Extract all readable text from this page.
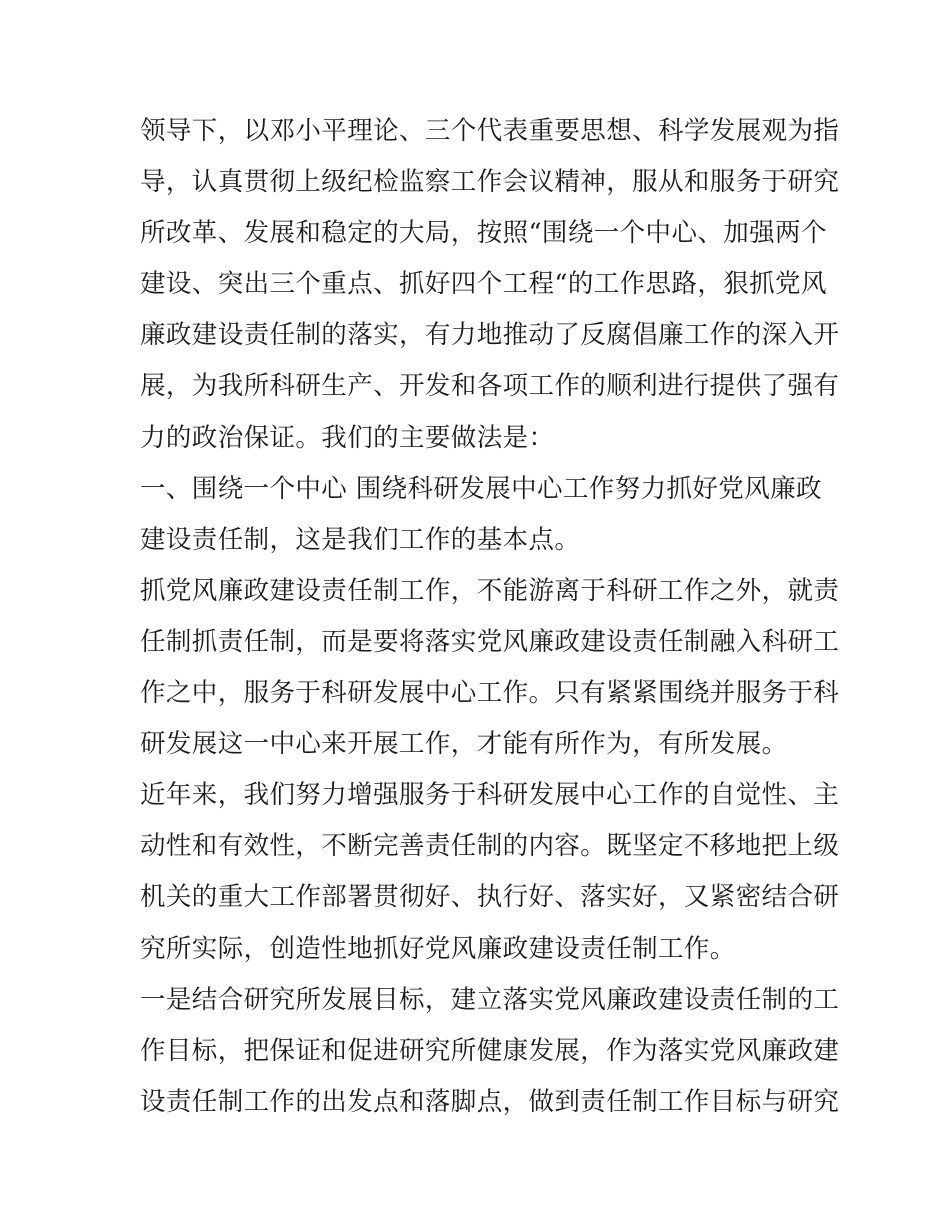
领导下，以邓小平理论、三个代表重要思想、科学发展观为指
导，认真贯彻上级纪检监察工作会议精神，服从和服务于研究
所改革、发展和稳定的大局，按照“围绕一个中心、加强两个
建设、突出三个重点、抓好四个工程“的工作思路，狠抓党风
廉政建设责任制的落实，有力地推动了反腐倡廉工作的深入开
展，为我所科研生产、开发和各项工作的顺利进行提供了强有
力的政治保证。我们的主要做法是：
一、围绕一个中心 围绕科研发展中心工作努力抓好党风廉政
建设责任制，这是我们工作的基本点。
抓党风廉政建设责任制工作，不能游离于科研工作之外，就责
任制抓责任制，而是要将落实党风廉政建设责任制融入科研工
作之中，服务于科研发展中心工作。只有紧紧围绕并服务于科
研发展这一中心来开展工作，才能有所作为，有所发展。
近年来，我们努力增强服务于科研发展中心工作的自觉性、主
动性和有效性，不断完善责任制的内容。既坚定不移地把上级
机关的重大工作部署贯彻好、执行好、落实好，又紧密结合研
究所实际，创造性地抓好党风廉政建设责任制工作。
一是结合研究所发展目标，建立落实党风廉政建设责任制的工
作目标，把保证和促进研究所健康发展，作为落实党风廉政建
设责任制工作的出发点和落脚点，做到责任制工作目标与研究
